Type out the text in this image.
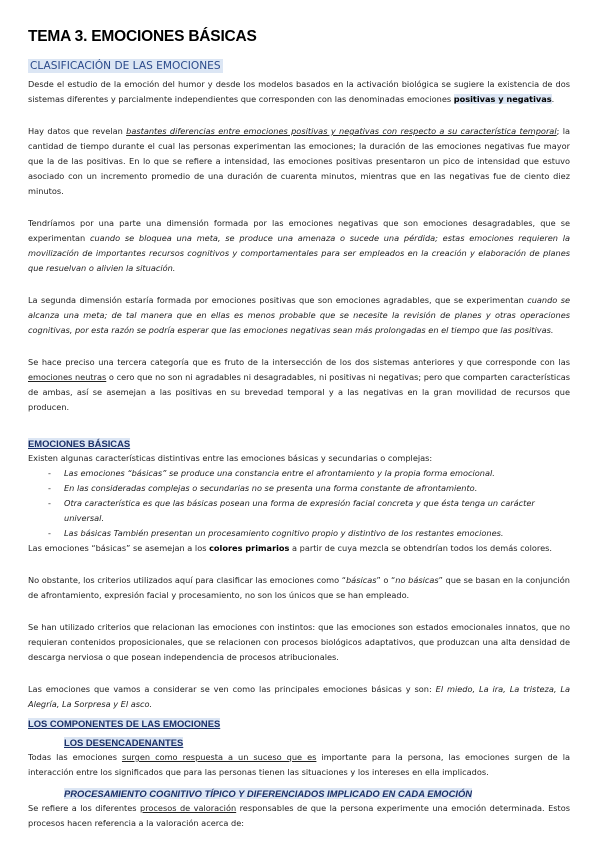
TEMA 3. EMOCIONES BÁSICAS
CLASIFICACIÓN DE LAS EMOCIONES

Desde el estudio de la emoción del humor y desde los modelos basados en la activación biológica se sugiere la existencia de dos sistemas diferentes y parcialmente independientes que corresponden con las denominadas emociones positivas y negativas.

Hay datos que revelan bastantes diferencias entre emociones positivas y negativas con respecto a su característica temporal; la cantidad de tiempo durante el cual las personas experimentan las emociones; la duración de las emociones negativas fue mayor que la de las positivas. En lo que se refiere a intensidad, las emociones positivas presentaron un pico de intensidad que estuvo asociado con un incremento promedio de una duración de cuarenta minutos, mientras que en las negativas fue de ciento diez minutos.

Tendríamos por una parte una dimensión formada por las emociones negativas que son emociones desagradables, que se experimentan cuando se bloquea una meta, se produce una amenaza o sucede una pérdida; estas emociones requieren la movilización de importantes recursos cognitivos y comportamentales para ser empleados en la creación y elaboración de planes que resuelvan o alivien la situación.

La segunda dimensión estaría formada por emociones positivas que son emociones agradables, que se experimentan cuando se alcanza una meta; de tal manera que en ellas es menos probable que se necesite la revisión de planes y otras operaciones cognitivas, por esta razón se podría esperar que las emociones negativas sean más prolongadas en el tiempo que las positivas.

Se hace preciso una tercera categoría que es fruto de la intersección de los dos sistemas anteriores y que corresponde con las emociones neutras o cero que no son ni agradables ni desagradables, ni positivas ni negativas; pero que comparten características de ambas, así se asemejan a las positivas en su brevedad temporal y a las negativas en la gran movilidad de recursos que producen.

EMOCIONES BÁSICAS

Existen algunas características distintivas entre las emociones básicas y secundarias o complejas:

- Las emociones “básicas” se produce una constancia entre el afrontamiento y la propia forma emocional.
- En las consideradas complejas o secundarias no se presenta una forma constante de afrontamiento.
- Otra característica es que las básicas posean una forma de expresión facial concreta y que ésta tenga un carácter universal.
- Las básicas También presentan un procesamiento cognitivo propio y distintivo de los restantes emociones.

Las emociones “básicas” se asemejan a los colores primarios a partir de cuya mezcla se obtendrían todos los demás colores.

No obstante, los criterios utilizados aquí para clasificar las emociones como “básicas” o “no básicas” que se basan en la conjunción de afrontamiento, expresión facial y procesamiento, no son los únicos que se han empleado.

Se han utilizado criterios que relacionan las emociones con instintos: que las emociones son estados emocionales innatos, que no requieran contenidos proposicionales, que se relacionen con procesos biológicos adaptativos, que produzcan una alta densidad de descarga nerviosa o que posean independencia de procesos atribucionales.

Las emociones que vamos a considerar se ven como las principales emociones básicas y son: El miedo, La ira, La tristeza, La Alegría, La Sorpresa y El asco.

LOS COMPONENTES DE LAS EMOCIONES
LOS DESENCADENANTES

Todas las emociones surgen como respuesta a un suceso que es importante para la persona, las emociones surgen de la interacción entre los significados que para las personas tienen las situaciones y los intereses en ella implicados.

PROCESAMIENTO COGNITIVO TÍPICO Y DIFERENCIADOS IMPLICADO EN CADA EMOCIÓN

Se refiere a los diferentes procesos de valoración responsables de que la persona experimente una emoción determinada. Estos procesos hacen referencia a la valoración acerca de:
